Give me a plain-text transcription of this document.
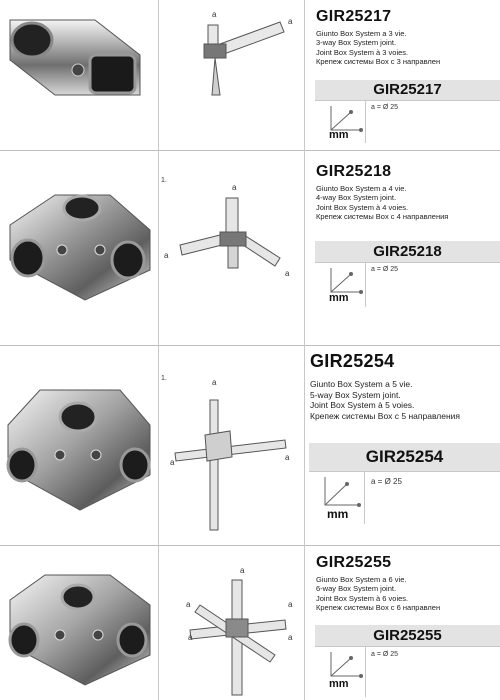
a
a GIR25217
Giunto Box System a 3 vie.
3-way Box System joint.
Joint Box System à 3 voies.
Крепеж системы Box с 3 направлен
GIR25217
mm
a = Ø 25
1.
a
a
a
GIR25218
Giunto Box System a 4 vie.
4-way Box System joint.
Joint Box System à 4 voies.
Крепеж системы Box с 4 направления
GIR25218
mm
a = Ø 25
1.	a
a
a
GIR25254
Giunto Box System a 5 vie.
5-way Box System joint.
Joint Box System à 5 voies.
Крепеж системы Box с 5 направления
GIR25254
mm
a = Ø 25
a
a
a
a
a
GIR25255
Giunto Box System a 6 vie.
6-way Box System joint.
Joint Box System à 6 voies.
Крепеж системы Box с 6 направлен
GIR25255
mm
a = Ø 25
